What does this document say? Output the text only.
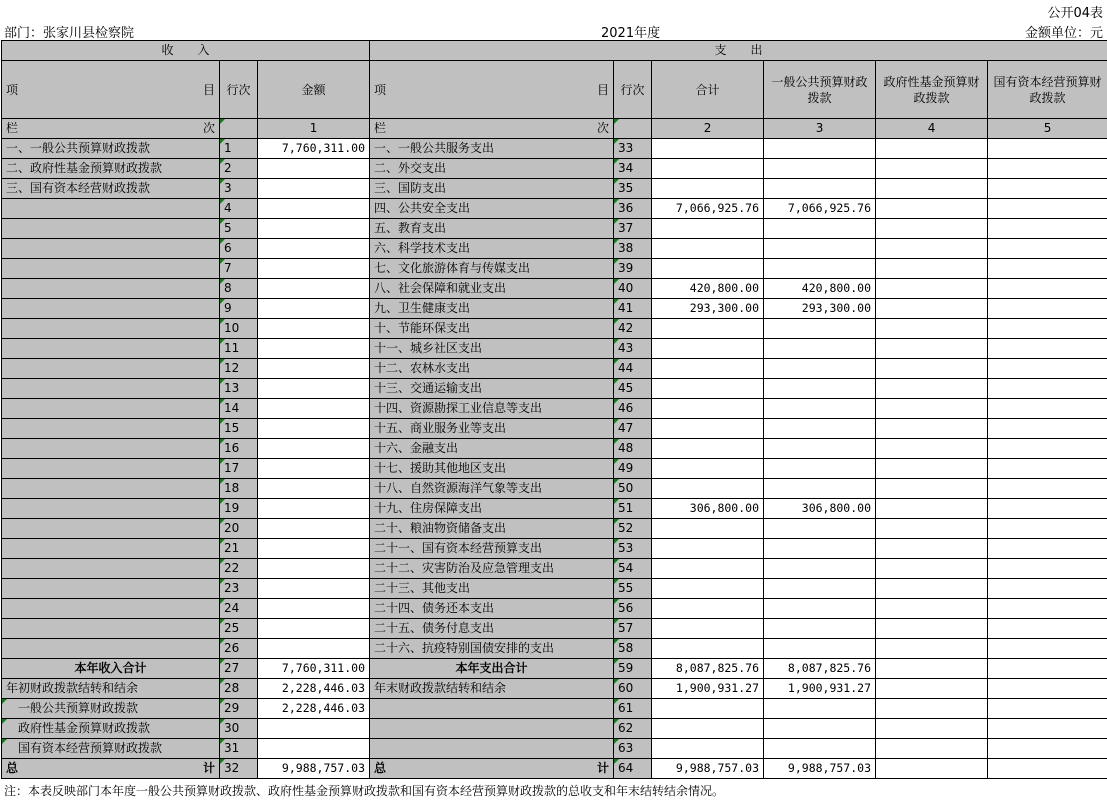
公开04表
部门：张家川县检察院	2021年度	金额单位：元
收　　入			支　　出					

项 目	行次	金额	项 目	行次	合计	一般公共预算财政拨款	政府性基金预算财政拨款	国有资本经营预算财政拨款

栏 次		1	栏 次		2	3	4	5
一、一般公共预算财政拨款	1	7,760,311.00	一、一般公共服务支出	33				
二、政府性基金预算财政拨款	2		二、外交支出	34				
三、国有资本经营财政拨款	3		三、国防支出	35				
	4		四、公共安全支出	36	7,066,925.76	7,066,925.76		
	5		五、教育支出	37				
	6		六、科学技术支出	38				
	7		七、文化旅游体育与传媒支出	39				
	8		八、社会保障和就业支出	40	420,800.00	420,800.00		
	9		九、卫生健康支出	41	293,300.00	293,300.00		
	10		十、节能环保支出	42				
	11		十一、城乡社区支出	43				
	12		十二、农林水支出	44				
	13		十三、交通运输支出	45				
	14		十四、资源勘探工业信息等支出	46				
	15		十五、商业服务业等支出	47				
	16		十六、金融支出	48				
	17		十七、援助其他地区支出	49				
	18		十八、自然资源海洋气象等支出	50				
	19		十九、住房保障支出	51	306,800.00	306,800.00		
	20		二十、粮油物资储备支出	52				
	21		二十一、国有资本经营预算支出	53				
	22		二十二、灾害防治及应急管理支出	54				
	23		二十三、其他支出	55				
	24		二十四、债务还本支出	56				
	25		二十五、债务付息支出	57				
	26		二十六、抗疫特别国债安排的支出	58				
本年收入合计	27	7,760,311.00	本年支出合计	59	8,087,825.76	8,087,825.76		
年初财政拨款结转和结余	28	2,228,446.03	年末财政拨款结转和结余	60	1,900,931.27	1,900,931.27		
一般公共预算财政拨款	29	2,228,446.03		61				
政府性基金预算财政拨款	30			62				
国有资本经营预算财政拨款	31			63				

总 计	32	9,988,757.03	总 计	64	9,988,757.03	9,988,757.03		
注：本表反映部门本年度一般公共预算财政拨款、政府性基金预算财政拨款和国有资本经营预算财政拨款的总收支和年末结转结余情况。
